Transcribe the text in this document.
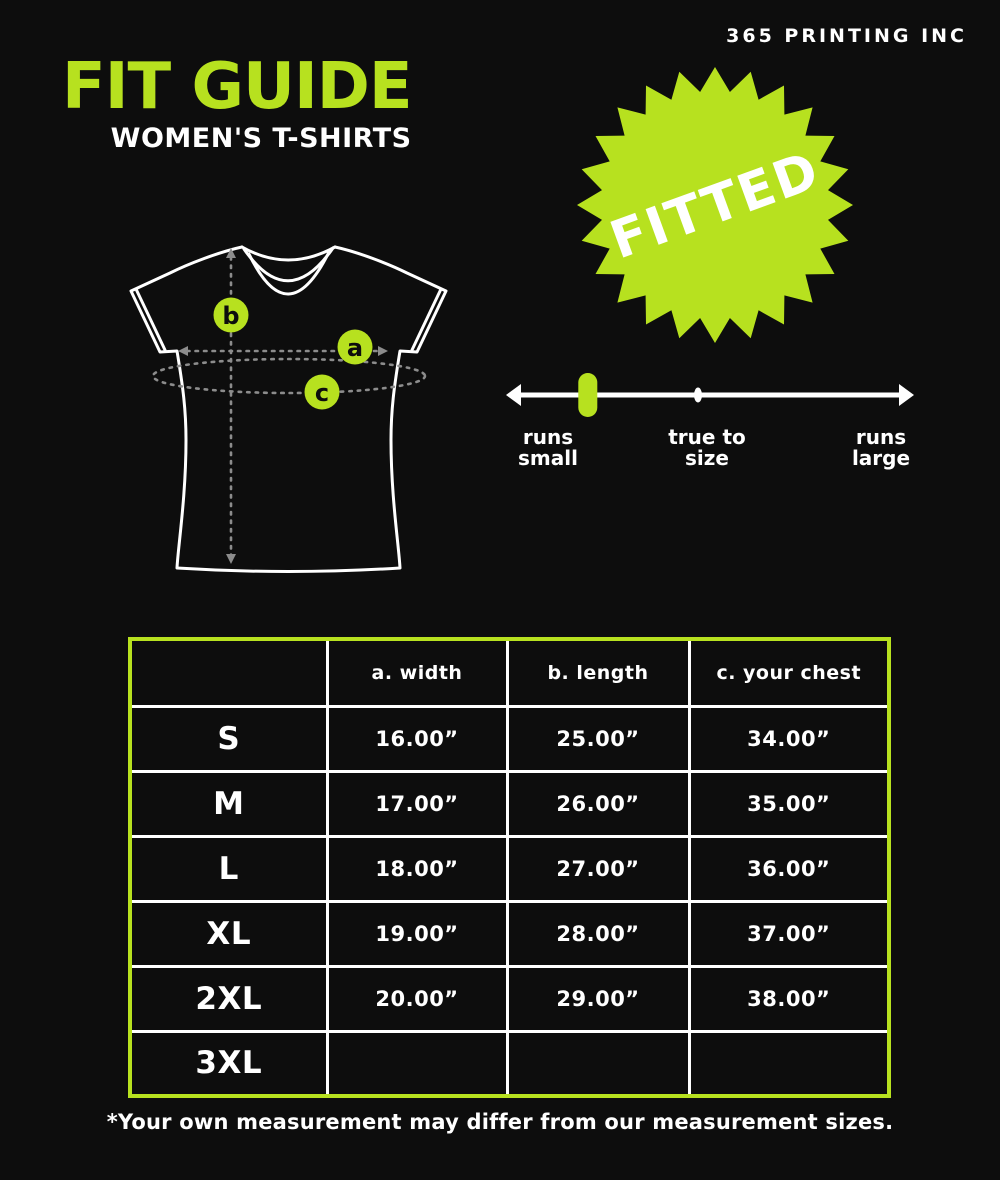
365 PRINTING INC
FIT GUIDE
WOMEN'S T-SHIRTS
b
a
c
FITTED
runs
small
true to
size
runs
large
	a. width	b. length	c. your chest
S	16.00”	25.00”	34.00”
M	17.00”	26.00”	35.00”
L	18.00”	27.00”	36.00”
XL	19.00”	28.00”	37.00”
2XL	20.00”	29.00”	38.00”
3XL			
*Your own measurement may differ from our measurement sizes.
